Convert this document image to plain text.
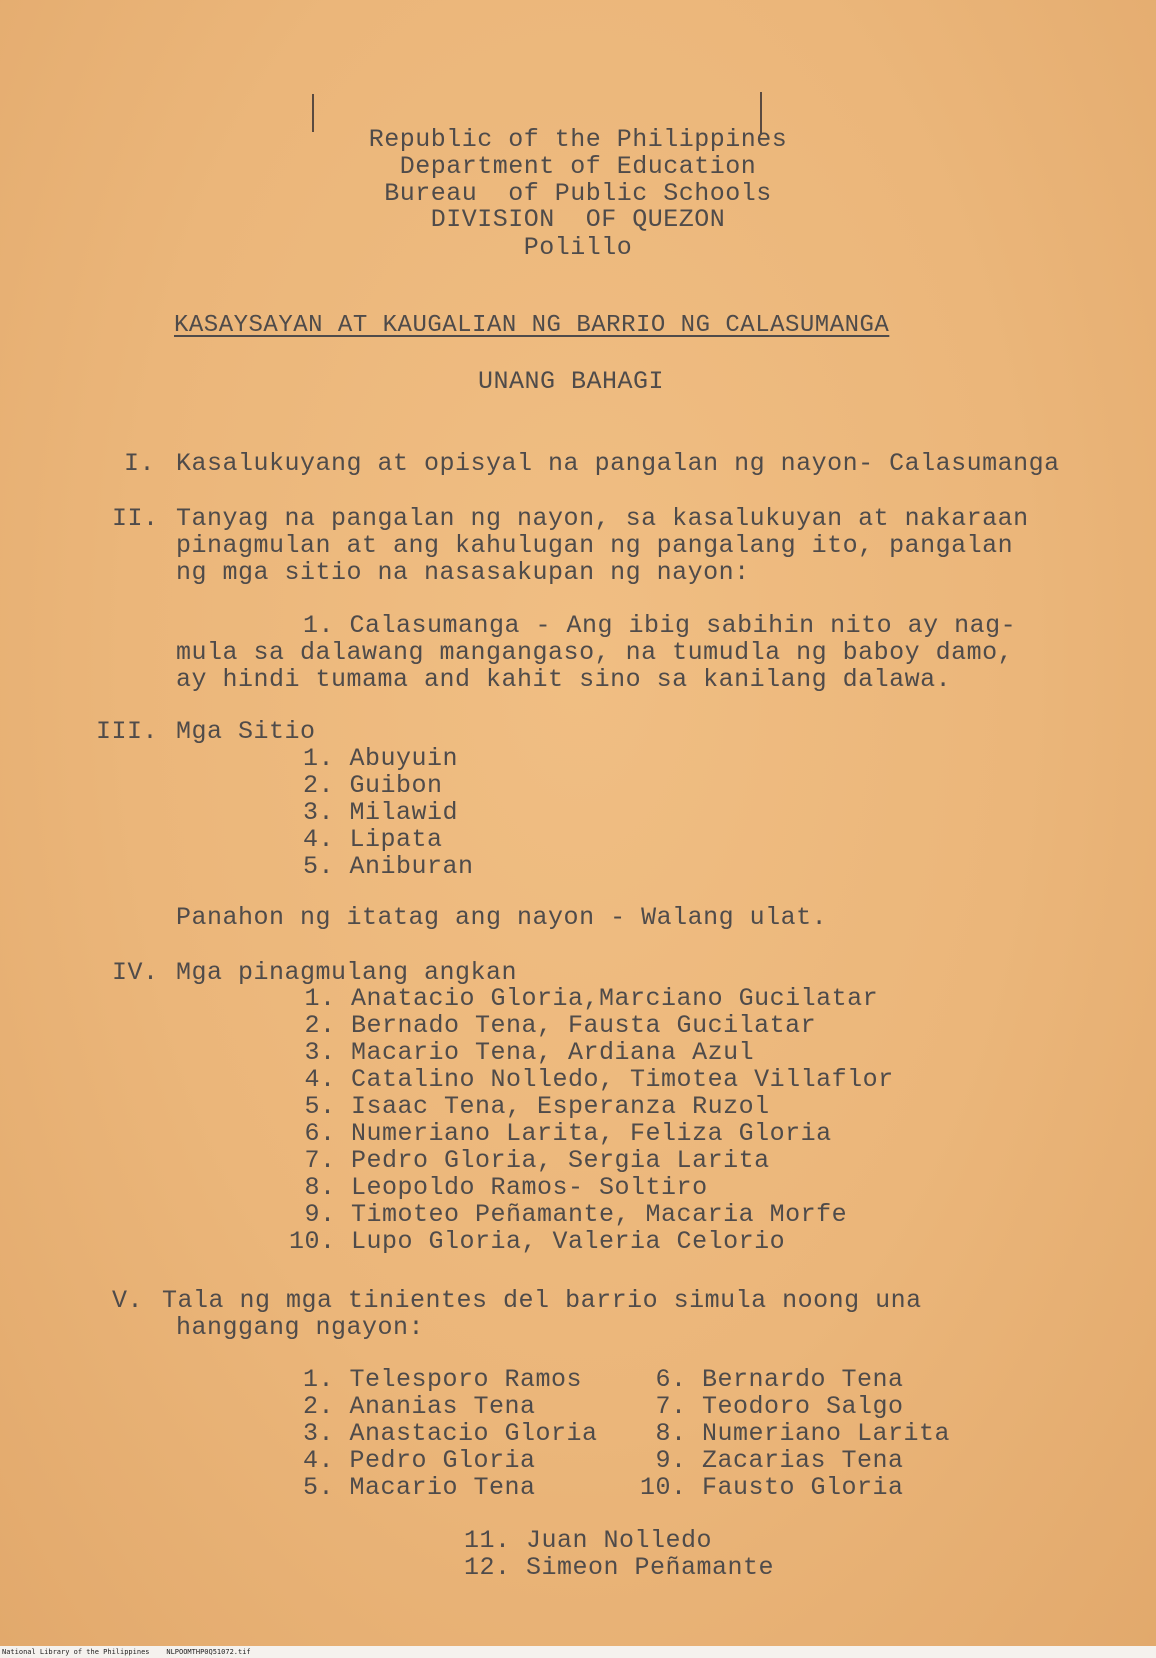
Republic of the Philippines
Department of Education
Bureau  of Public Schools
DIVISION  OF QUEZON
Polillo
KASAYSAYAN AT KAUGALIAN NG BARRIO NG CALASUMANGA
UNANG BAHAGI
I. Kasalukuyang at opisyal na pangalan ng nayon- Calasumanga
II. Tanyag na pangalan ng nayon, sa kasalukuyan at nakaraan
pinagmulan at ang kahulugan ng pangalang ito, pangalan
ng mga sitio na nasasakupan ng nayon:
1. Calasumanga - Ang ibig sabihin nito ay nag-
mula sa dalawang mangangaso, na tumudla ng baboy damo,
ay hindi tumama and kahit sino sa kanilang dalawa.
III. Mga Sitio
1. Abuyuin
2. Guibon
3. Milawid
4. Lipata
5. Aniburan
Panahon ng itatag ang nayon - Walang ulat.
IV. Mga pinagmulang angkan
1. Anatacio Gloria,Marciano Gucilatar
2. Bernado Tena, Fausta Gucilatar
3. Macario Tena, Ardiana Azul
4. Catalino Nolledo, Timotea Villaflor
5. Isaac Tena, Esperanza Ruzol
6. Numeriano Larita, Feliza Gloria
7. Pedro Gloria, Sergia Larita
8. Leopoldo Ramos- Soltiro
9. Timoteo Peñamante, Macaria Morfe
10. Lupo Gloria, Valeria Celorio
V. Tala ng mga tinientes del barrio simula noong una
hanggang ngayon:
1. Telesporo Ramos
2. Ananias Tena
3. Anastacio Gloria
4. Pedro Gloria
5. Macario Tena
6. Bernardo Tena
7. Teodoro Salgo
8. Numeriano Larita
9. Zacarias Tena
10. Fausto Gloria
11. Juan Nolledo
12. Simeon Peñamante
National Library of the Philippines    NLPOOMTHP0Q51072.tif
